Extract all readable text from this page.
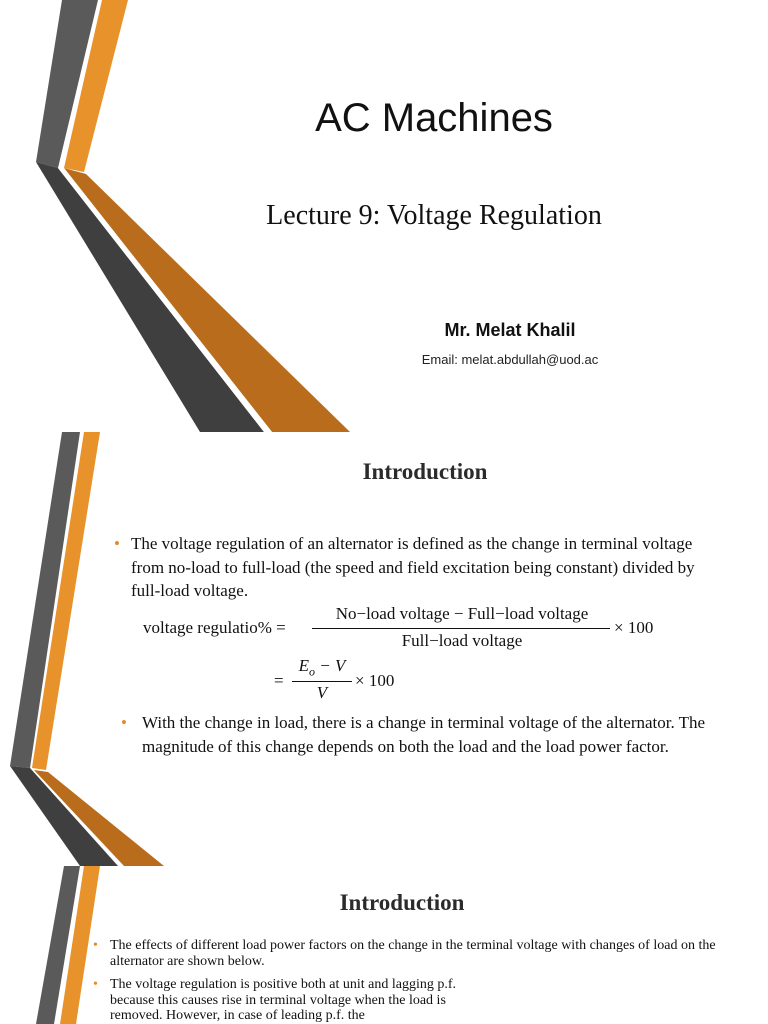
AC Machines
Lecture 9: Voltage Regulation
Mr. Melat Khalil
Email: melat.abdullah@uod.ac
Introduction
• The voltage regulation of an alternator is defined as the change in terminal voltage from no-load to full-load (the speed and field excitation being constant) divided by full-load voltage.
voltage regulatio% =
No−load voltage − Full−load voltage
Full−load voltage
× 100
=
$E_o - V$
V
× 100
• With the change in load, there is a change in terminal voltage of the alternator. The magnitude of this change depends on both the load and the load power factor.
Introduction
• The effects of different load power factors on the change in the terminal voltage with changes of load on the alternator are shown below.
• The voltage regulation is positive both at unit and lagging p.f. because this causes rise in terminal voltage when the load is removed. However, in case of leading p.f. the
